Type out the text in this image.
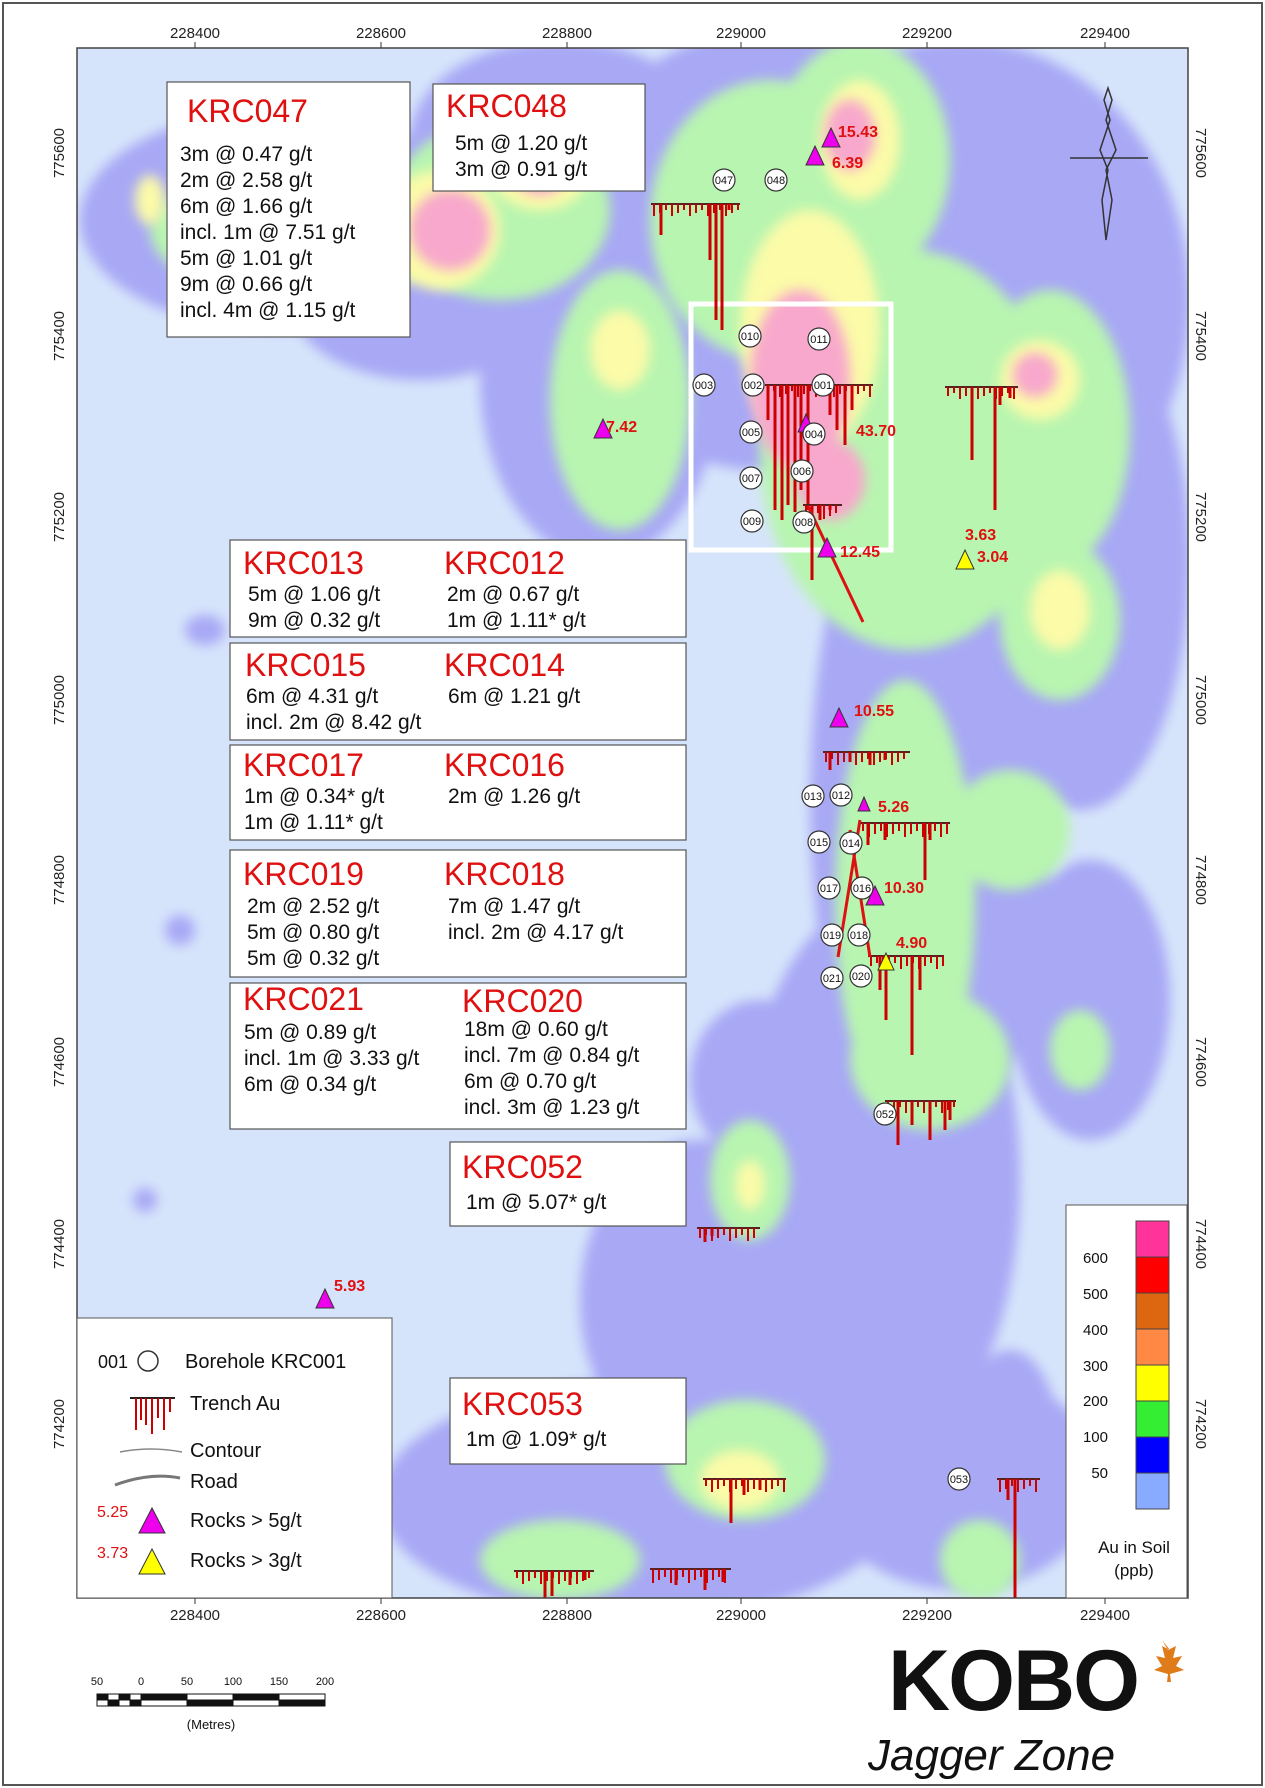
228400	228600	228800	229000	229200	229400
228400	228600	228800	229000	229200	229400
775600
775400
775200
775000
774800
774600
774400
774200
775600
775400
775200
775000
774800
774600
774400
774200
KRC047
3m @ 0.47 g/t
2m @ 2.58 g/t
6m @ 1.66 g/t
incl. 1m @ 7.51 g/t
5m @ 1.01 g/t
9m @ 0.66 g/t
incl. 4m @ 1.15 g/t
KRC048
5m @ 1.20 g/t
3m @ 0.91 g/t
KRC013
5m @ 1.06 g/t
9m @ 0.32 g/t
KRC012
2m @ 0.67 g/t
1m @ 1.11* g/t
KRC015
6m @ 4.31 g/t
incl. 2m @ 8.42 g/t
KRC014
6m @ 1.21 g/t
KRC017
1m @ 0.34* g/t
1m @ 1.11* g/t
KRC016
2m @ 1.26 g/t
KRC019
2m @ 2.52 g/t
5m @ 0.80 g/t
5m @ 0.32 g/t
KRC018
7m @ 1.47 g/t
incl. 2m @ 4.17 g/t
KRC021
5m @ 0.89 g/t
incl. 1m @ 3.33 g/t
6m @ 0.34 g/t
KRC020
18m @ 0.60 g/t
incl. 7m @ 0.84 g/t
6m @ 0.70 g/t
incl. 3m @ 1.23 g/t
KRC052
1m @ 5.07* g/t
KRC053
1m @ 1.09* g/t
15.43
6.39
7.42	43.70
12.45
3.63
3.04
10.55
5.26
10.30
4.90
5.93
047	048
010	011
003	002	001
005	004
006
007
009	008
013 012
015 014
017 016
019 018
021 020
052
053
001	Borehole KRC001
Trench Au
Contour
Road
5.25	Rocks > 5g/t
3.73	Rocks > 3g/t
600
500
400
300
200
100
50
Au in Soil
(ppb)
50	0	50	100	150	200
(Metres)	KOBO
Jagger Zone
